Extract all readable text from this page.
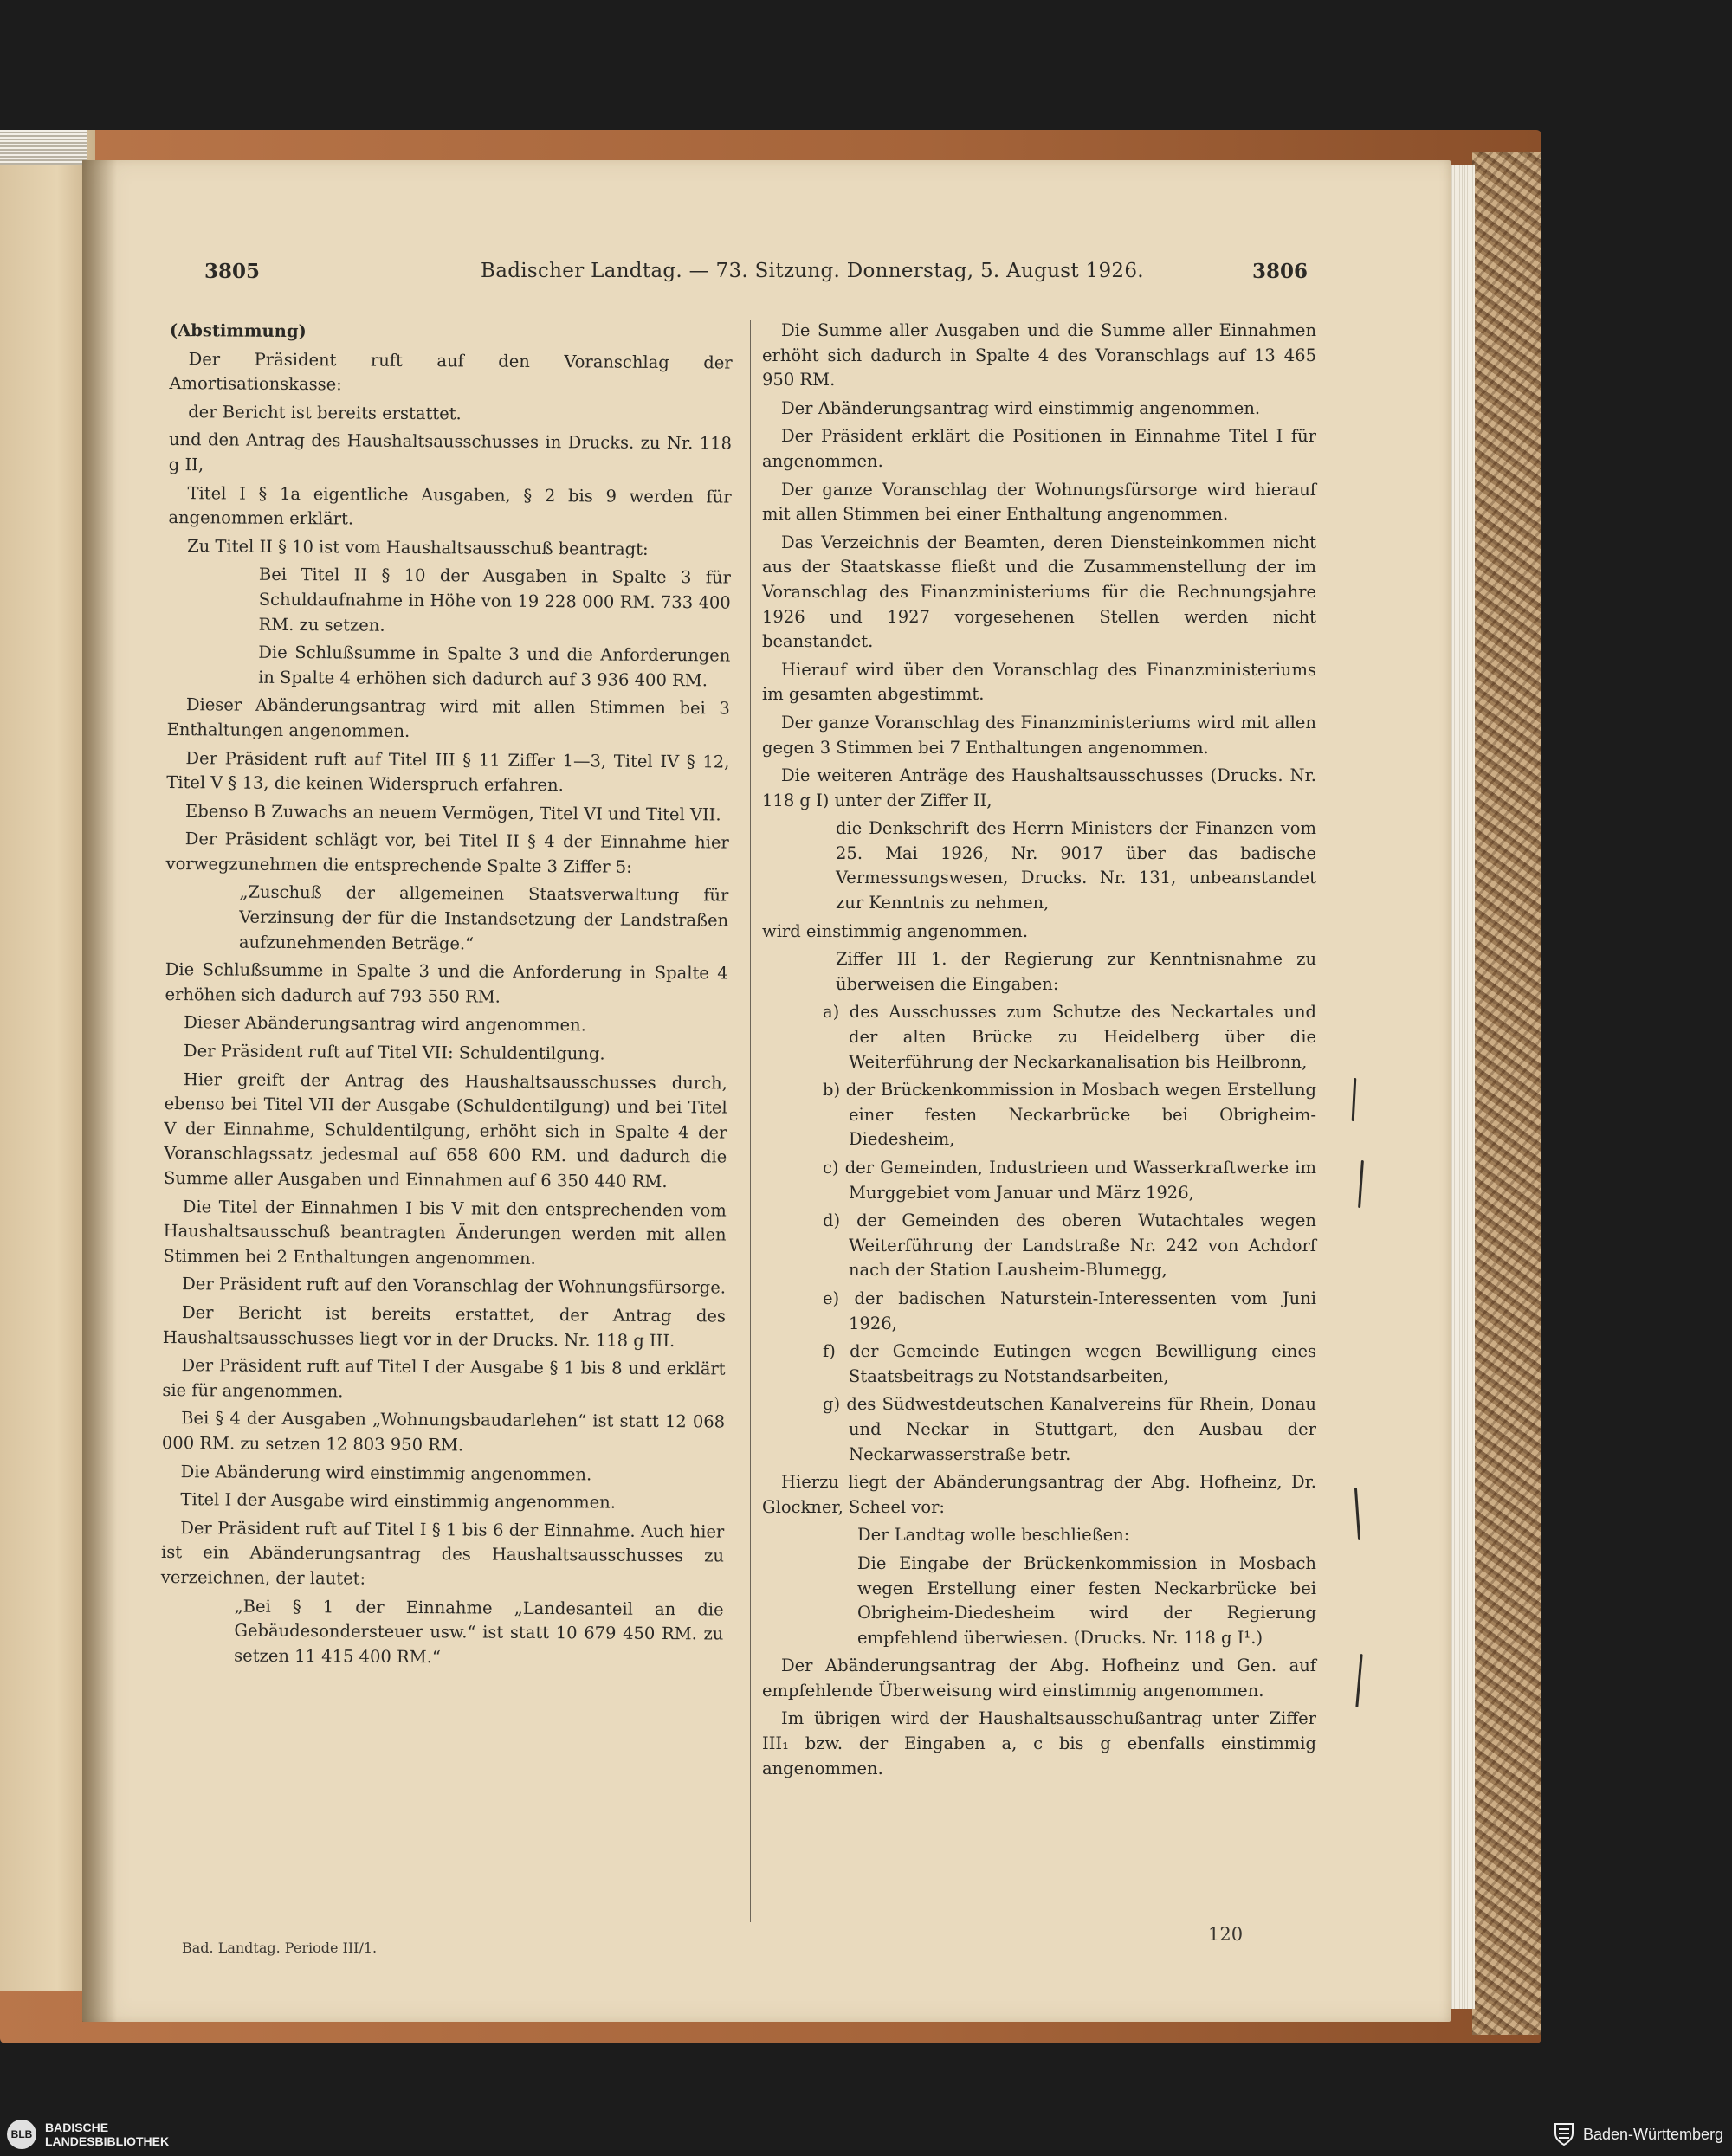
3805	Badischer Landtag. — 73. Sitzung. Donnerstag, 5. August 1926.	3806

(Abstimmung)

Der Präsident ruft auf den Voranschlag der Amortisationskasse:

der Bericht ist bereits erstattet.

und den Antrag des Haushaltsausschusses in Drucks. zu Nr. 118 g II,

Titel I § 1a eigentliche Ausgaben, § 2 bis 9 werden für angenommen erklärt.

Zu Titel II § 10 ist vom Haushaltsausschuß beantragt:

Bei Titel II § 10 der Ausgaben in Spalte 3 für Schuldaufnahme in Höhe von 19 228 000 RM. 733 400 RM. zu setzen.

Die Schlußsumme in Spalte 3 und die Anforderungen in Spalte 4 erhöhen sich dadurch auf 3 936 400 RM.

Dieser Abänderungsantrag wird mit allen Stimmen bei 3 Enthaltungen angenommen.

Der Präsident ruft auf Titel III § 11 Ziffer 1—3, Titel IV § 12, Titel V § 13, die keinen Widerspruch erfahren.

Ebenso B Zuwachs an neuem Vermögen, Titel VI und Titel VII.

Der Präsident schlägt vor, bei Titel II § 4 der Einnahme hier vorwegzunehmen die entsprechende Spalte 3 Ziffer 5:

„Zuschuß der allgemeinen Staatsverwaltung für Verzinsung der für die Instandsetzung der Landstraßen aufzunehmenden Beträge.“

Die Schlußsumme in Spalte 3 und die Anforderung in Spalte 4 erhöhen sich dadurch auf 793 550 RM.

Dieser Abänderungsantrag wird angenommen.

Der Präsident ruft auf Titel VII: Schuldentilgung.

Hier greift der Antrag des Haushaltsausschusses durch, ebenso bei Titel VII der Ausgabe (Schuldentilgung) und bei Titel V der Einnahme, Schuldentilgung, erhöht sich in Spalte 4 der Voranschlagssatz jedesmal auf 658 600 RM. und dadurch die Summe aller Ausgaben und Einnahmen auf 6 350 440 RM.

Die Titel der Einnahmen I bis V mit den entsprechenden vom Haushaltsausschuß beantragten Änderungen werden mit allen Stimmen bei 2 Enthaltungen angenommen.

Der Präsident ruft auf den Voranschlag der Wohnungsfürsorge.

Der Bericht ist bereits erstattet, der Antrag des Haushaltsausschusses liegt vor in der Drucks. Nr. 118 g III.

Der Präsident ruft auf Titel I der Ausgabe § 1 bis 8 und erklärt sie für angenommen.

Bei § 4 der Ausgaben „Wohnungsbaudarlehen“ ist statt 12 068 000 RM. zu setzen 12 803 950 RM.

Die Abänderung wird einstimmig angenommen.

Titel I der Ausgabe wird einstimmig angenommen.

Der Präsident ruft auf Titel I § 1 bis 6 der Einnahme. Auch hier ist ein Abänderungsantrag des Haushaltsausschusses zu verzeichnen, der lautet:

„Bei § 1 der Einnahme „Landesanteil an die Gebäudesondersteuer usw.“ ist statt 10 679 450 RM. zu setzen 11 415 400 RM.“

Die Summe aller Ausgaben und die Summe aller Einnahmen erhöht sich dadurch in Spalte 4 des Voranschlags auf 13 465 950 RM.

Der Abänderungsantrag wird einstimmig angenommen.

Der Präsident erklärt die Positionen in Einnahme Titel I für angenommen.

Der ganze Voranschlag der Wohnungsfürsorge wird hierauf mit allen Stimmen bei einer Enthaltung angenommen.

Das Verzeichnis der Beamten, deren Diensteinkommen nicht aus der Staatskasse fließt und die Zusammenstellung der im Voranschlag des Finanzministeriums für die Rechnungsjahre 1926 und 1927 vorgesehenen Stellen werden nicht beanstandet.

Hierauf wird über den Voranschlag des Finanzministeriums im gesamten abgestimmt.

Der ganze Voranschlag des Finanzministeriums wird mit allen gegen 3 Stimmen bei 7 Enthaltungen angenommen.

Die weiteren Anträge des Haushaltsausschusses (Drucks. Nr. 118 g I) unter der Ziffer II,

die Denkschrift des Herrn Ministers der Finanzen vom 25. Mai 1926, Nr. 9017 über das badische Vermessungswesen, Drucks. Nr. 131, unbeanstandet zur Kenntnis zu nehmen,

wird einstimmig angenommen.

Ziffer III 1. der Regierung zur Kenntnisnahme zu überweisen die Eingaben:

a) des Ausschusses zum Schutze des Neckartales und der alten Brücke zu Heidelberg über die Weiterführung der Neckarkanalisation bis Heilbronn,

b) der Brückenkommission in Mosbach wegen Erstellung einer festen Neckarbrücke bei Obrigheim-Diedesheim,

c) der Gemeinden, Industrieen und Wasserkraftwerke im Murggebiet vom Januar und März 1926,

d) der Gemeinden des oberen Wutachtales wegen Weiterführung der Landstraße Nr. 242 von Achdorf nach der Station Lausheim-Blumegg,

e) der badischen Naturstein-Interessenten vom Juni 1926,

f) der Gemeinde Eutingen wegen Bewilligung eines Staatsbeitrags zu Notstandsarbeiten,

g) des Südwestdeutschen Kanalvereins für Rhein, Donau und Neckar in Stuttgart, den Ausbau der Neckarwasserstraße betr.

Hierzu liegt der Abänderungsantrag der Abg. Hofheinz, Dr. Glockner, Scheel vor:

Der Landtag wolle beschließen:

Die Eingabe der Brückenkommission in Mosbach wegen Erstellung einer festen Neckarbrücke bei Obrigheim-Diedesheim wird der Regierung empfehlend überwiesen. (Drucks. Nr. 118 g I¹.)

Der Abänderungsantrag der Abg. Hofheinz und Gen. auf empfehlende Überweisung wird einstimmig angenommen.

Im übrigen wird der Haushaltsausschußantrag unter Ziffer III₁ bzw. der Eingaben a, c bis g ebenfalls einstimmig angenommen.

Bad. Landtag. Periode III/1.
120
BLB	BADISCHE
LANDESBIBLIOTHEK	Baden-Württemberg
